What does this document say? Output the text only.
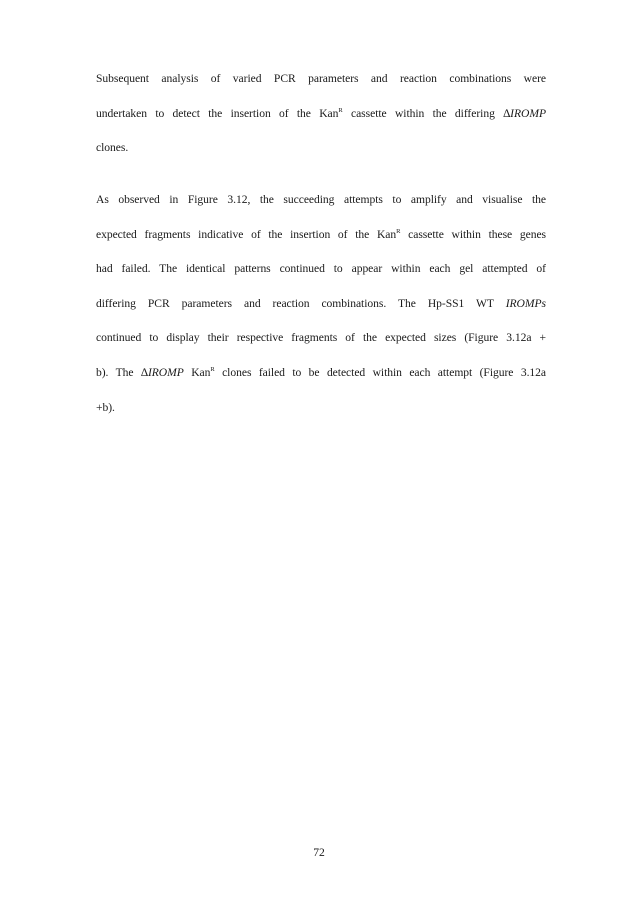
Subsequent analysis of varied PCR parameters and reaction combinations were
undertaken to detect the insertion of the Kan$^R$ cassette within the differing ∆IROMP
clones.

As observed in Figure 3.12, the succeeding attempts to amplify and visualise the
expected fragments indicative of the insertion of the Kan$^R$ cassette within these genes
had failed. The identical patterns continued to appear within each gel attempted of
differing PCR parameters and reaction combinations. The Hp-SS1 WT IROMPs
continued to display their respective fragments of the expected sizes (Figure 3.12a +
b). The ∆IROMP Kan$^R$ clones failed to be detected within each attempt (Figure 3.12a
+b).

72
